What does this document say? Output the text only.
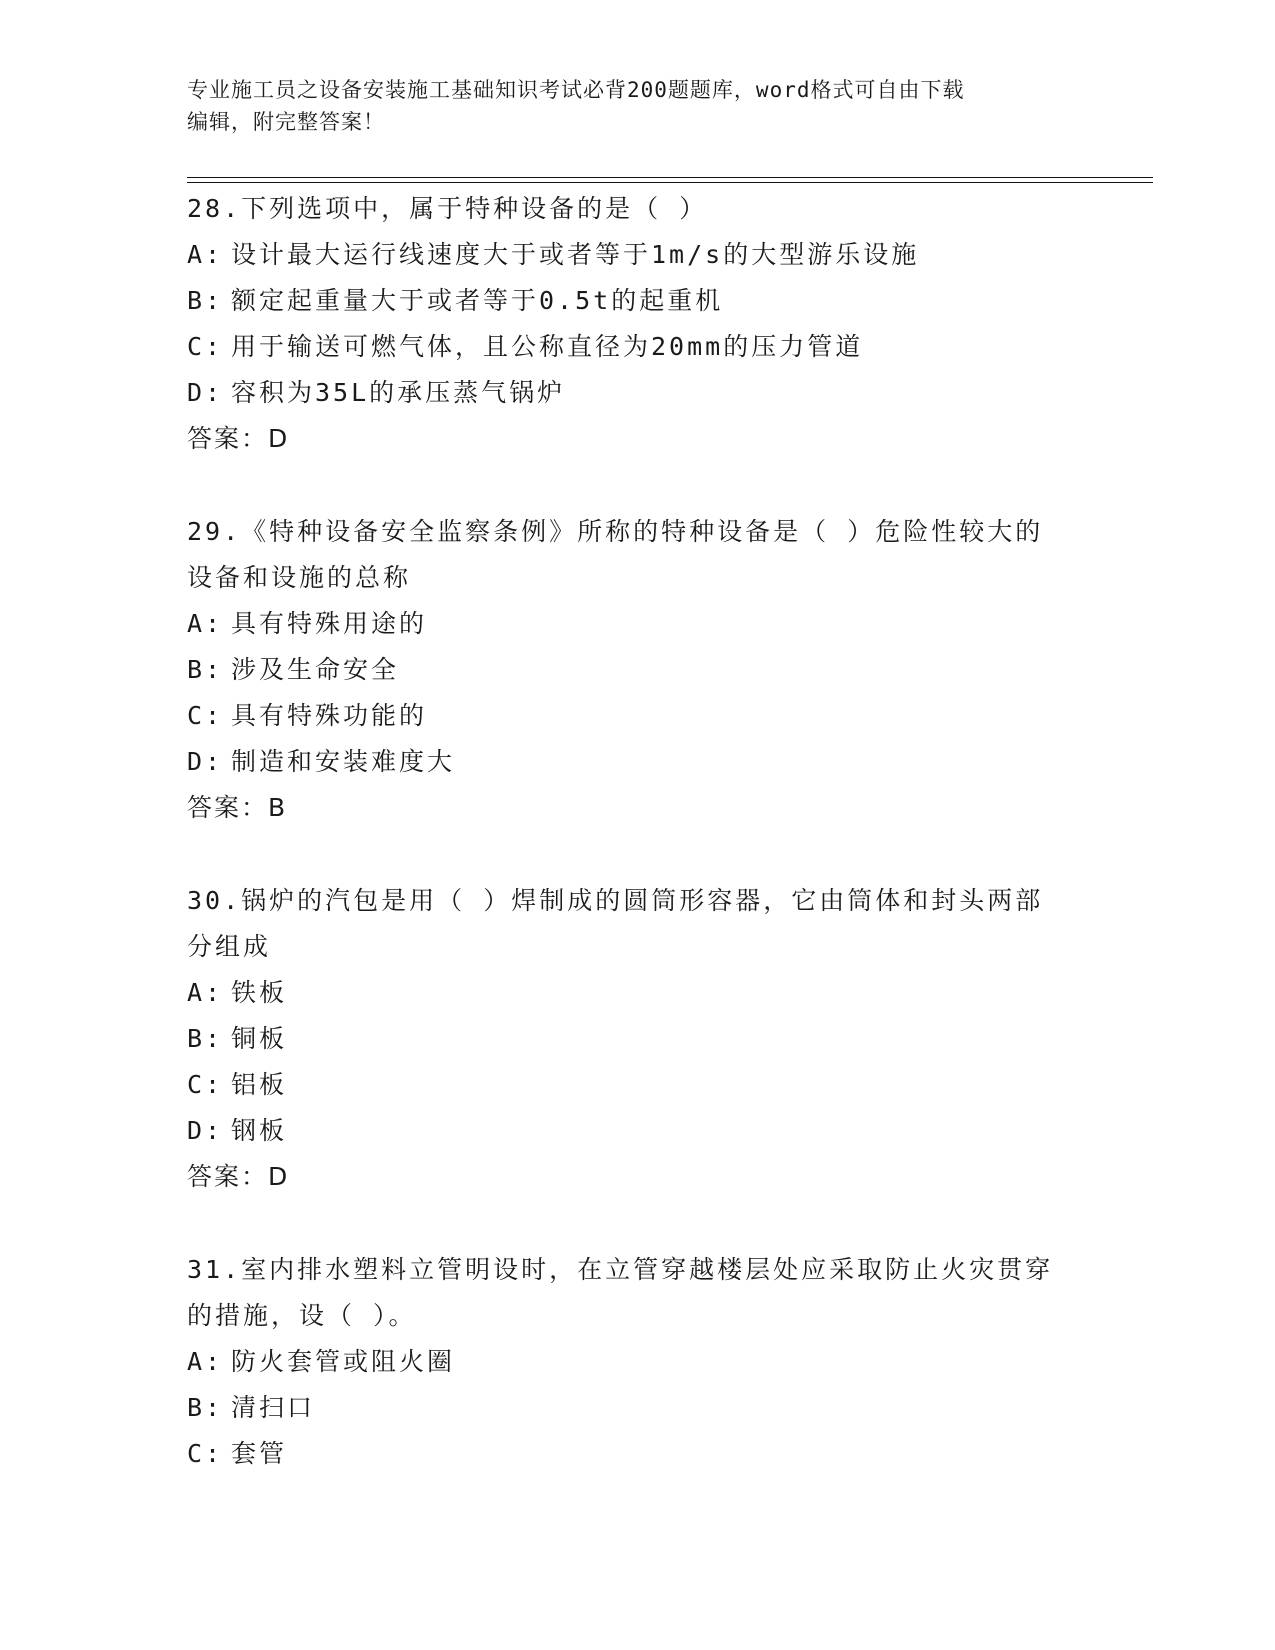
专业施工员之设备安装施工基础知识考试必背200题题库，word格式可自由下载

编辑，附完整答案！

28.下列选项中，属于特种设备的是（ ）
A: 设计最大运行线速度大于或者等于1m/s的大型游乐设施
B: 额定起重量大于或者等于0.5t的起重机
C: 用于输送可燃气体，且公称直径为20mm的压力管道
D: 容积为35L的承压蒸气锅炉
答案：D
29.《特种设备安全监察条例》所称的特种设备是（ ）危险性较大的
设备和设施的总称
A: 具有特殊用途的
B: 涉及生命安全
C: 具有特殊功能的
D: 制造和安装难度大
答案：B
30.锅炉的汽包是用（ ）焊制成的圆筒形容器，它由筒体和封头两部
分组成
A: 铁板
B: 铜板
C: 铝板
D: 钢板
答案：D
31.室内排水塑料立管明设时，在立管穿越楼层处应采取防止火灾贯穿
的措施，设（ ）。
A: 防火套管或阻火圈
B: 清扫口
C: 套管
